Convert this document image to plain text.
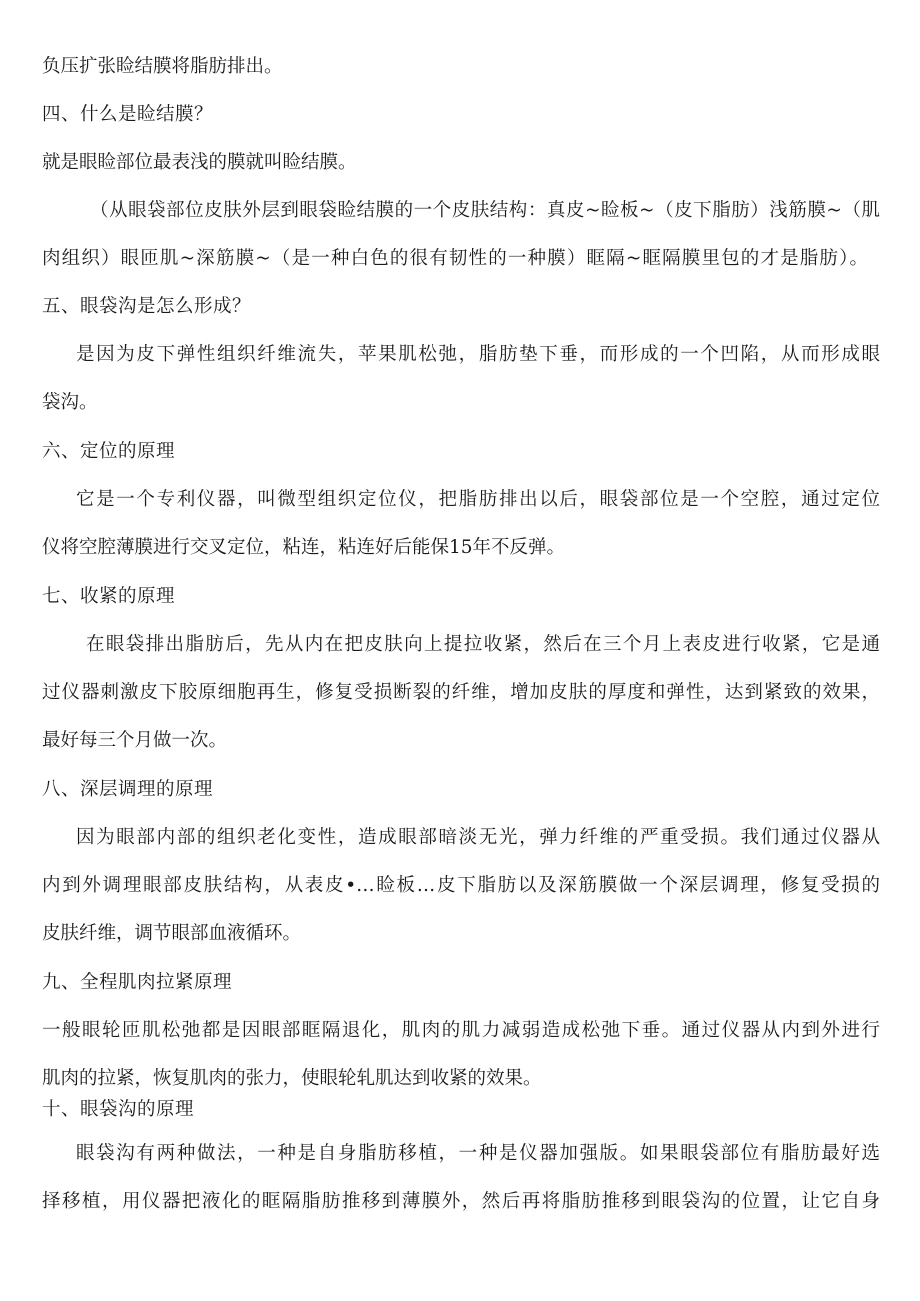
负压扩张睑结膜将脂肪排出。
四、什么是睑结膜？
就是眼睑部位最表浅的膜就叫睑结膜。
（从眼袋部位皮肤外层到眼袋睑结膜的一个皮肤结构：真皮~睑板~（皮下脂肪）浅筋膜~（肌
肉组织）眼匝肌~深筋膜~（是一种白色的很有韧性的一种膜）眶隔~眶隔膜里包的才是脂肪）。
五、眼袋沟是怎么形成？
是因为皮下弹性组织纤维流失，苹果肌松弛，脂肪垫下垂，而形成的一个凹陷，从而形成眼
袋沟。
六、定位的原理
它是一个专利仪器，叫微型组织定位仪，把脂肪排出以后，眼袋部位是一个空腔，通过定位
仪将空腔薄膜进行交叉定位，粘连，粘连好后能保15年不反弹。
七、收紧的原理
在眼袋排出脂肪后，先从内在把皮肤向上提拉收紧，然后在三个月上表皮进行收紧，它是通
过仪器刺激皮下胶原细胞再生，修复受损断裂的纤维，增加皮肤的厚度和弹性，达到紧致的效果，
最好每三个月做一次。
八、深层调理的原理
因为眼部内部的组织老化变性，造成眼部暗淡无光，弹力纤维的严重受损。我们通过仪器从
内到外调理眼部皮肤结构，从表皮•…睑板…皮下脂肪以及深筋膜做一个深层调理，修复受损的
皮肤纤维，调节眼部血液循环。
九、全程肌肉拉紧原理
一般眼轮匝肌松弛都是因眼部眶隔退化，肌肉的肌力减弱造成松弛下垂。通过仪器从内到外进行
肌肉的拉紧，恢复肌肉的张力，使眼轮轧肌达到收紧的效果。
十、眼袋沟的原理
眼袋沟有两种做法，一种是自身脂肪移植，一种是仪器加强版。如果眼袋部位有脂肪最好选
择移植，用仪器把液化的眶隔脂肪推移到薄膜外，然后再将脂肪推移到眼袋沟的位置，让它自身
